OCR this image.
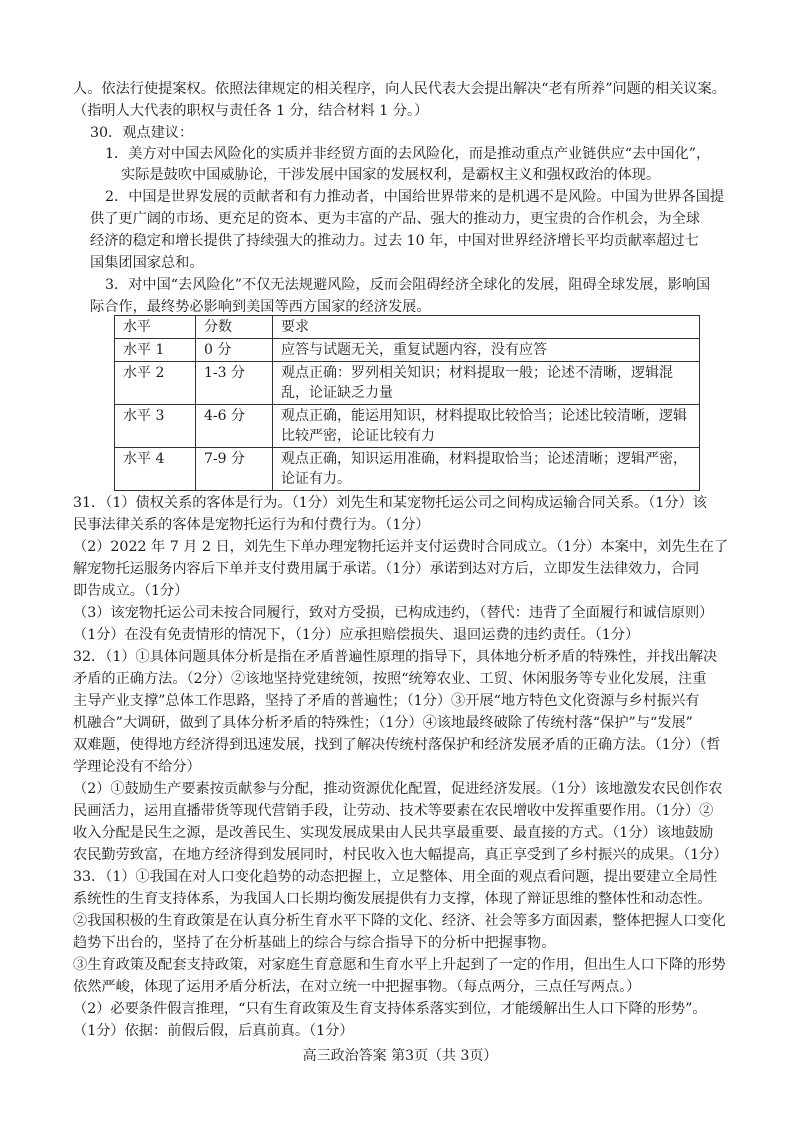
人。依法行使提案权。依照法律规定的相关程序，向人民代表大会提出解决“老有所养”问题的相关议案。
（指明人大代表的职权与责任各 1 分，结合材料 1 分。）
30．观点建议：
1．美方对中国去风险化的实质并非经贸方面的去风险化，而是推动重点产业链供应“去中国化”，
实际是鼓吹中国威胁论，干涉发展中国家的发展权利，是霸权主义和强权政治的体现。
2．中国是世界发展的贡献者和有力推动者，中国给世界带来的是机遇不是风险。中国为世界各国提
供了更广阔的市场、更充足的资本、更为丰富的产品、强大的推动力，更宝贵的合作机会，为全球
经济的稳定和增长提供了持续强大的推动力。过去 10 年，中国对世界经济增长平均贡献率超过七
国集团国家总和。
3．对中国“去风险化”不仅无法规避风险，反而会阻碍经济全球化的发展，阻碍全球发展，影响国
际合作，最终势必影响到美国等西方国家的经济发展。
水平	分数	要求
水平 1	0 分	应答与试题无关，重复试题内容，没有应答
水平 2	1-3 分	观点正确：罗列相关知识；材料提取一般；论述不清晰，逻辑混乱，论证缺乏力量
水平 3	4-6 分	观点正确，能运用知识，材料提取比较恰当；论述比较清晰，逻辑比较严密，论证比较有力
水平 4	7-9 分	观点正确，知识运用准确，材料提取恰当；论述清晰；逻辑严密，论证有力。
31．（1）债权关系的客体是行为。（1分）刘先生和某宠物托运公司之间构成运输合同关系。（1分）该
民事法律关系的客体是宠物托运行为和付费行为。（1分）
（2）2022 年 7 月 2 日，刘先生下单办理宠物托运并支付运费时合同成立。（1分）本案中，刘先生在了
解宠物托运服务内容后下单并支付费用属于承诺。（1分）承诺到达对方后，立即发生法律效力，合同
即告成立。（1分）
（3）该宠物托运公司未按合同履行，致对方受损，已构成违约，（替代：违背了全面履行和诚信原则）
（1分）在没有免责情形的情况下，（1分）应承担赔偿损失、退回运费的违约责任。（1分）
32．（1）①具体问题具体分析是指在矛盾普遍性原理的指导下，具体地分析矛盾的特殊性，并找出解决
矛盾的正确方法。（2分）②该地坚持党建统领，按照“统筹农业、工贸、休闲服务等专业化发展，注重
主导产业支撑”总体工作思路，坚持了矛盾的普遍性；（1分）③开展“地方特色文化资源与乡村振兴有
机融合”大调研，做到了具体分析矛盾的特殊性；（1分）④该地最终破除了传统村落“保护”与“发展”
双难题，使得地方经济得到迅速发展，找到了解决传统村落保护和经济发展矛盾的正确方法。（1分）（哲
学理论没有不给分）
（2）①鼓励生产要素按贡献参与分配，推动资源优化配置，促进经济发展。（1分）该地激发农民创作农
民画活力，运用直播带货等现代营销手段，让劳动、技术等要素在农民增收中发挥重要作用。（1分）②
收入分配是民生之源，是改善民生、实现发展成果由人民共享最重要、最直接的方式。（1分）该地鼓励
农民勤劳致富，在地方经济得到发展同时，村民收入也大幅提高，真正享受到了乡村振兴的成果。（1分）
33．（1）①我国在对人口变化趋势的动态把握上，立足整体、用全面的观点看问题，提出要建立全局性
系统性的生育支持体系，为我国人口长期均衡发展提供有力支撑，体现了辩证思维的整体性和动态性。
②我国积极的生育政策是在认真分析生育水平下降的文化、经济、社会等多方面因素，整体把握人口变化
趋势下出台的，坚持了在分析基础上的综合与综合指导下的分析中把握事物。
③生育政策及配套支持政策，对家庭生育意愿和生育水平上升起到了一定的作用，但出生人口下降的形势
依然严峻，体现了运用矛盾分析法，在对立统一中把握事物。（每点两分，三点任写两点。）
（2）必要条件假言推理，“只有生育政策及生育支持体系落实到位，才能缓解出生人口下降的形势”。
（1分）依据：前假后假，后真前真。（1分）
高三政治答案 第3页（共 3页）
